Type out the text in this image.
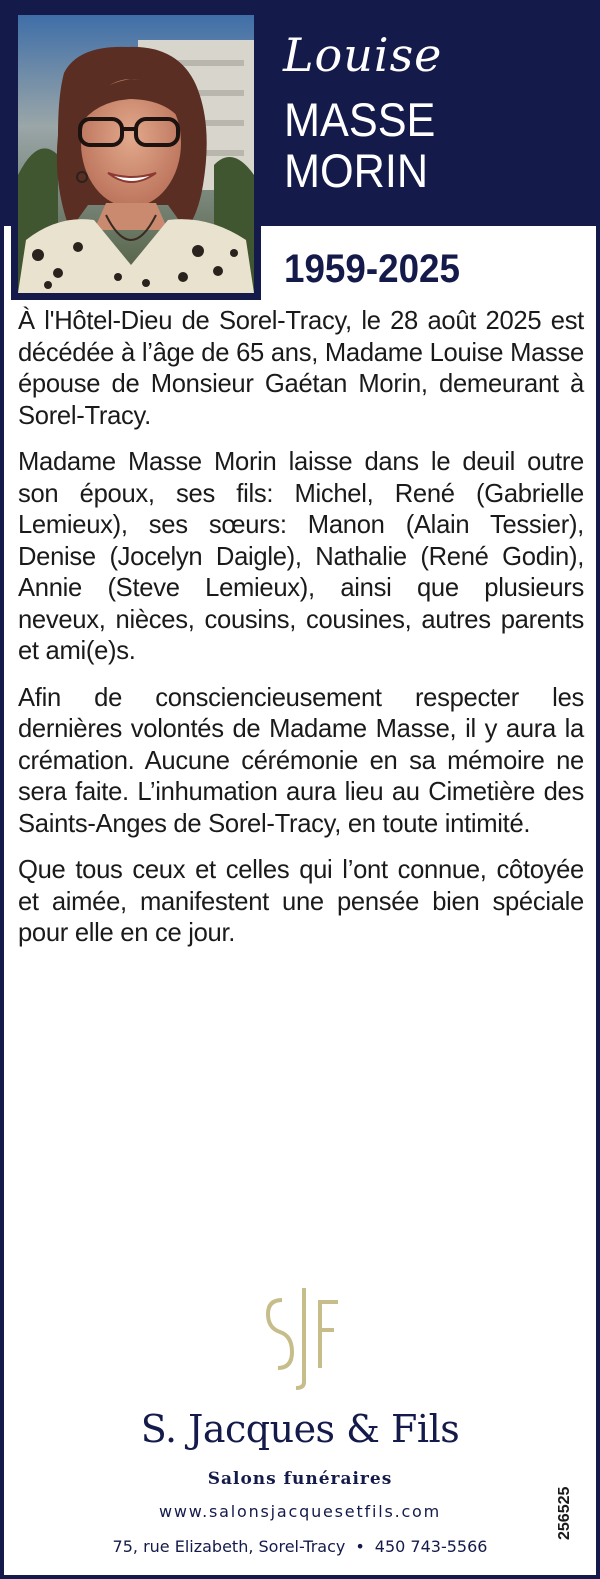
Louise
MASSE
MORIN
1959-2025

À l'Hôtel-Dieu de Sorel-Tracy, le 28 août 2025 est décédée à l’âge de 65 ans, Madame Louise Masse épouse de Monsieur Gaétan Morin, demeurant à Sorel-Tracy.

Madame Masse Morin laisse dans le deuil outre son époux, ses fils: Michel, René (Gabrielle Lemieux), ses sœurs: Manon (Alain Tessier), Denise (Jocelyn Daigle), Nathalie (René Godin), Annie (Steve Lemieux), ainsi que plusieurs neveux, nièces, cousins, cousines, autres parents et ami(e)s.

Afin de consciencieusement respecter les dernières volontés de Madame Masse, il y aura la crémation. Aucune cérémonie en sa mémoire ne sera faite. L’inhumation aura lieu au Cimetière des Saints-Anges de Sorel-Tracy, en toute intimité.

Que tous ceux et celles qui l’ont connue, côtoyée et aimée, manifestent une pensée bien spéciale pour elle en ce jour.

S. Jacques & Fils
Salons funéraires
www.salonsjacquesetfils.com
75, rue Elizabeth, Sorel-Tracy • 450 743-5566
256525
